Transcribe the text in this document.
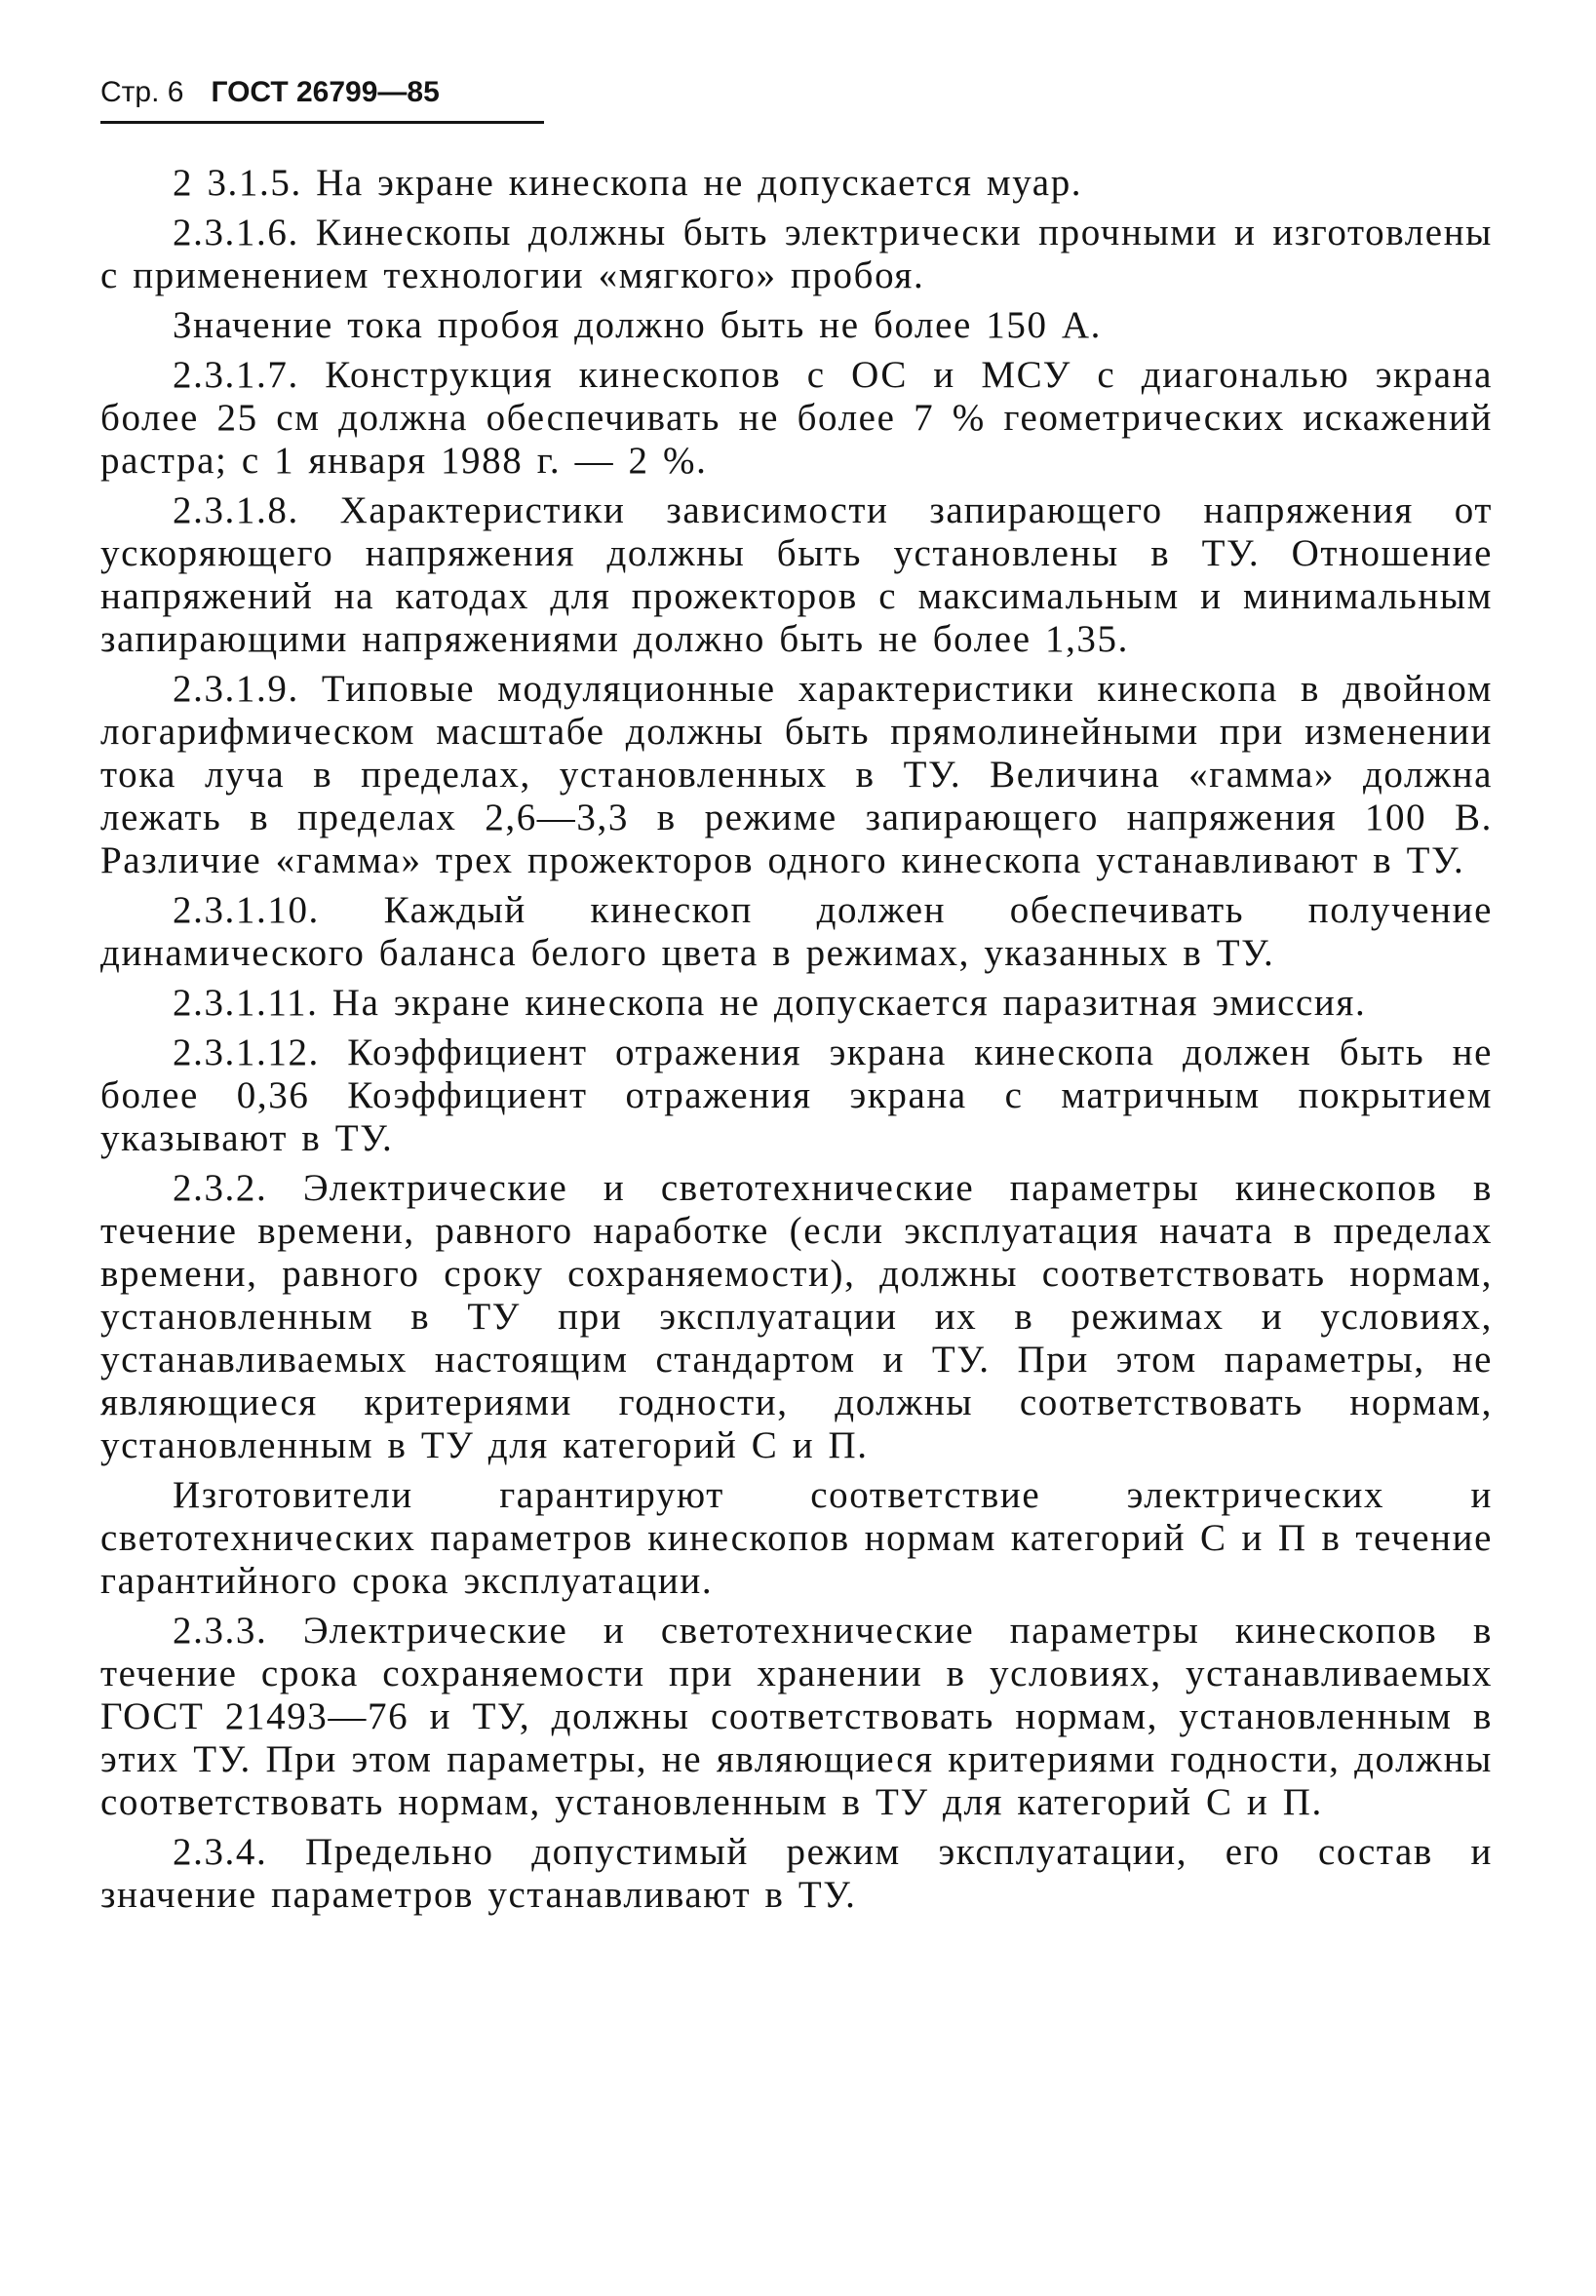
Стр. 6 ГОСТ 26799—85

2 3.1.5. На экране кинескопа не допускается муар.

2.3.1.6. Кинескопы должны быть электрически прочными и изготовлены с применением технологии «мягкого» пробоя.

Значение тока пробоя должно быть не более 150 А.

2.3.1.7. Конструкция кинескопов с ОС и МСУ с диагональю экрана более 25 см должна обеспечивать не более 7 % геометрических искажений растра; с 1 января 1988 г. — 2 %.

2.3.1.8. Характеристики зависимости запирающего напряжения от ускоряющего напряжения должны быть установлены в ТУ. Отношение напряжений на катодах для прожекторов с максимальным и минимальным запирающими напряжениями должно быть не более 1,35.

2.3.1.9. Типовые модуляционные характеристики кинескопа в двойном логарифмическом масштабе должны быть прямолинейными при изменении тока луча в пределах, установленных в ТУ. Величина «гамма» должна лежать в пределах 2,6—3,3 в режиме запирающего напряжения 100 В. Различие «гамма» трех прожекторов одного кинескопа устанавливают в ТУ.

2.3.1.10. Каждый кинескоп должен обеспечивать получение динамического баланса белого цвета в режимах, указанных в ТУ.

2.3.1.11. На экране кинескопа не допускается паразитная эмиссия.

2.3.1.12. Коэффициент отражения экрана кинескопа должен быть не более 0,36 Коэффициент отражения экрана с матричным покрытием указывают в ТУ.

2.3.2. Электрические и светотехнические параметры кинескопов в течение времени, равного наработке (если эксплуатация начата в пределах времени, равного сроку сохраняемости), должны соответствовать нормам, установленным в ТУ при эксплуатации их в режимах и условиях, устанавливаемых настоящим стандартом и ТУ. При этом параметры, не являющиеся критериями годности, должны соответствовать нормам, установленным в ТУ для категорий С и П.

Изготовители гарантируют соответствие электрических и светотехнических параметров кинескопов нормам категорий С и П в течение гарантийного срока эксплуатации.

2.3.3. Электрические и светотехнические параметры кинескопов в течение срока сохраняемости при хранении в условиях, устанавливаемых ГОСТ 21493—76 и ТУ, должны соответствовать нормам, установленным в этих ТУ. При этом параметры, не являющиеся критериями годности, должны соответствовать нормам, установленным в ТУ для категорий С и П.

2.3.4. Предельно допустимый режим эксплуатации, его состав и значение параметров устанавливают в ТУ.
